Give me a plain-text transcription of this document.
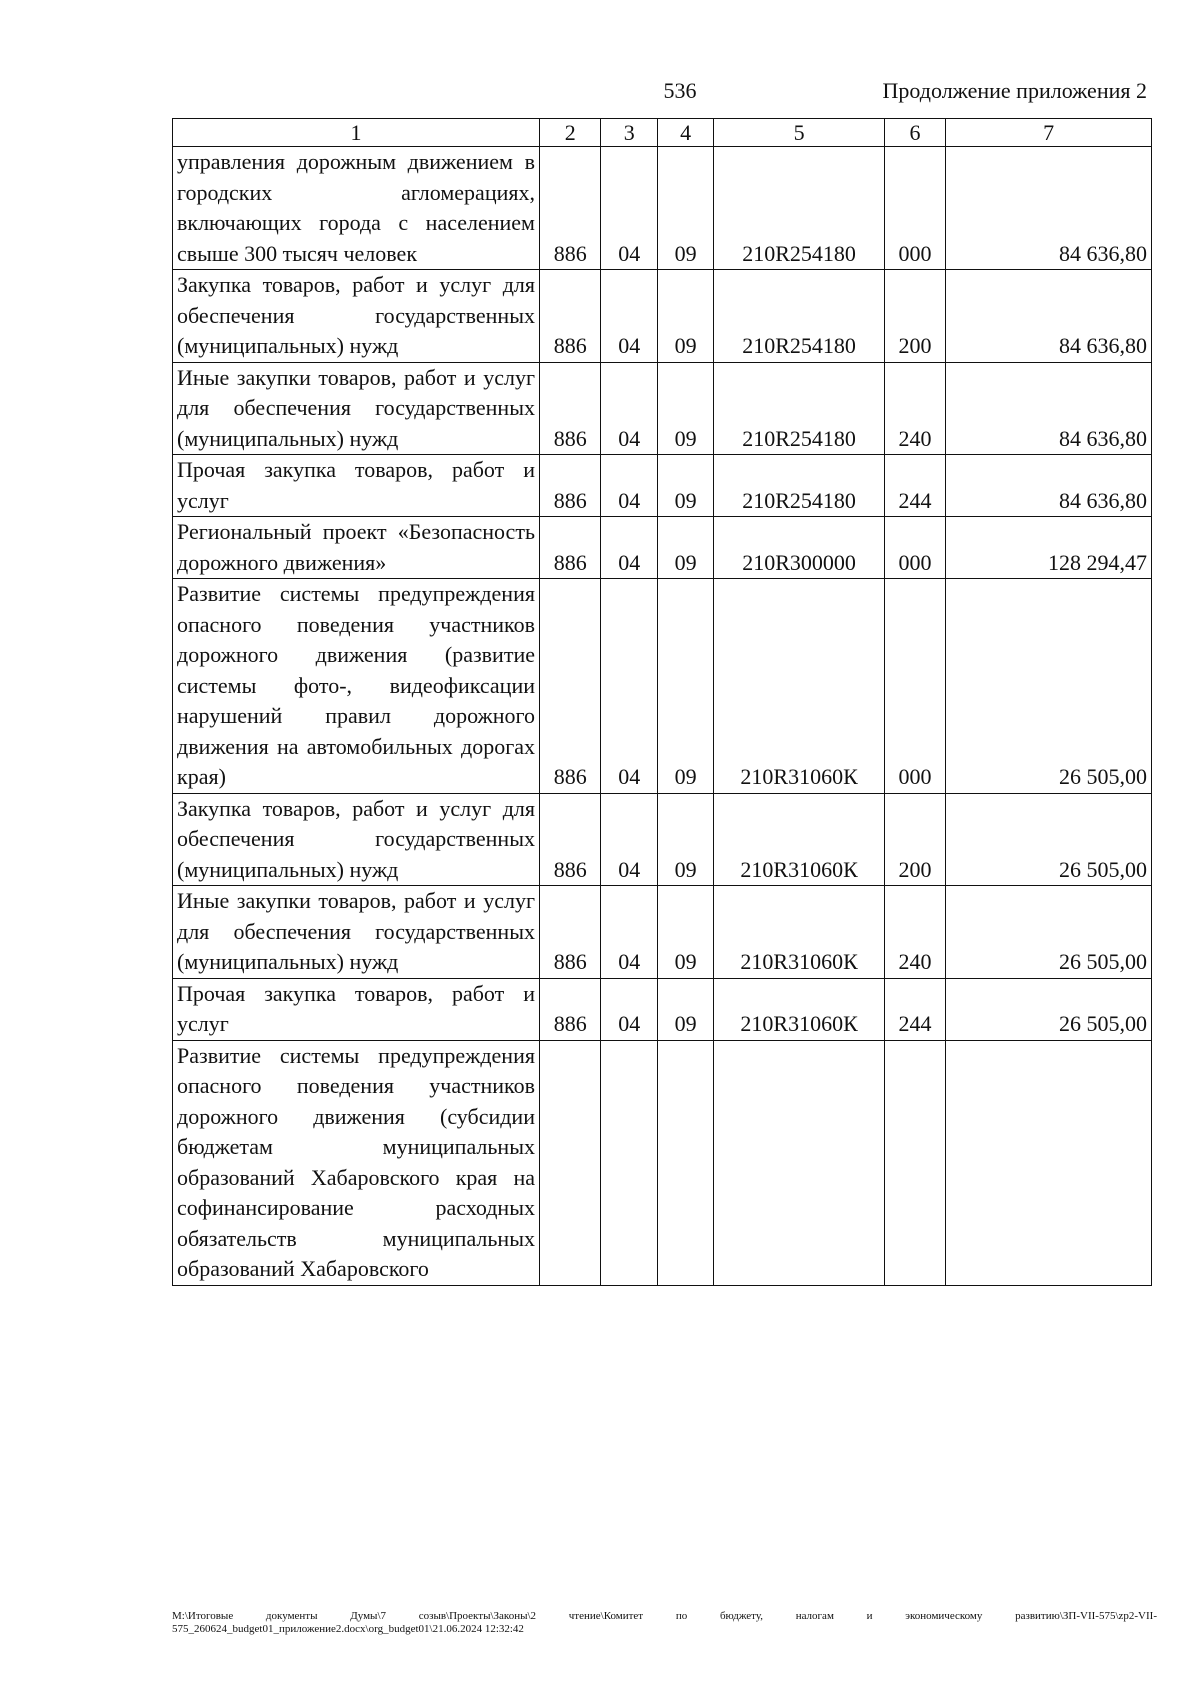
536	Продолжение приложения 2
1	2	3	4	5	6	7
управления дорожным движением в городских агломерациях, включающих города с населением свыше 300 тысяч человек	886	04	09	210R254180	000	84 636,80
Закупка товаров, работ и услуг для обеспечения государственных (муниципальных) нужд	886	04	09	210R254180	200	84 636,80
Иные закупки товаров, работ и услуг для обеспечения государственных (муниципальных) нужд	886	04	09	210R254180	240	84 636,80
Прочая закупка товаров, работ и услуг	886	04	09	210R254180	244	84 636,80
Региональный проект «Безопасность дорожного движения»	886	04	09	210R300000	000	128 294,47
Развитие системы предупреждения опасного поведения участников дорожного движения (развитие системы фото-, видеофиксации нарушений правил дорожного движения на автомобильных дорогах края)	886	04	09	210R31060К	000	26 505,00
Закупка товаров, работ и услуг для обеспечения государственных (муниципальных) нужд	886	04	09	210R31060К	200	26 505,00
Иные закупки товаров, работ и услуг для обеспечения государственных (муниципальных) нужд	886	04	09	210R31060К	240	26 505,00
Прочая закупка товаров, работ и услуг	886	04	09	210R31060К	244	26 505,00
Развитие системы предупреждения опасного поведения участников дорожного движения (субсидии бюджетам муниципальных образований Хабаровского края на софинансирование расходных обязательств муниципальных образований Хабаровского						
М:\Итоговые документы Думы\7 созыв\Проекты\Законы\2 чтение\Комитет по бюджету, налогам и экономическому развитию\ЗП-VII-575\zp2-VII-575_260624_budget01_приложение2.docx\org_budget01\21.06.2024 12:32:42
